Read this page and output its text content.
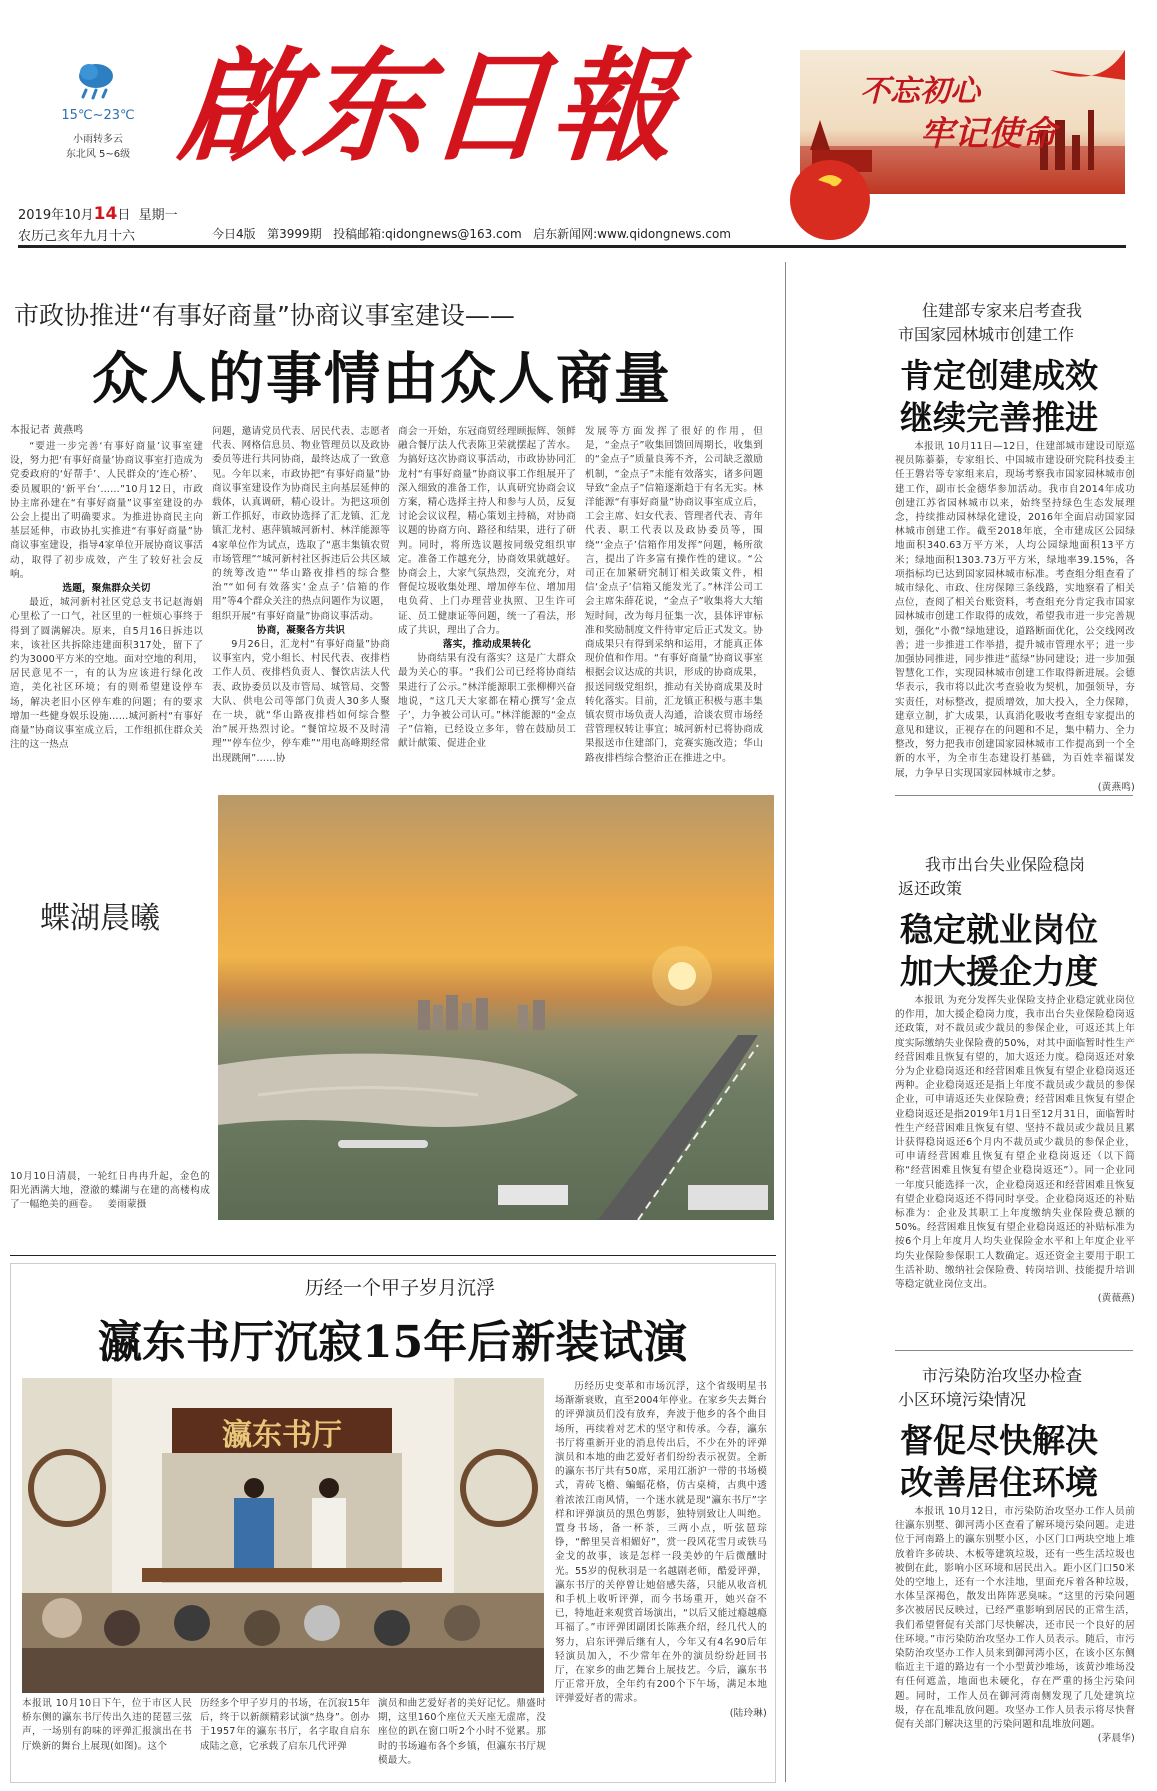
15℃~23℃
小雨转多云
东北风 5~6级 啟东日報	不忘初心
牢记使命
2019年10月14日 星期一
农历己亥年九月十六	今日4版 第3999期 投稿邮箱:qidongnews@163.com 启东新闻网:www.qidongnews.com
市政协推进“有事好商量”协商议事室建设——
众人的事情由众人商量
本报记者 黄燕鸣
“要进一步完善‘有事好商量’议事室建设，努力把‘有事好商量’协商议事室打造成为党委政府的‘好帮手’、人民群众的‘连心桥’、委员履职的‘新平台’……”10月12日，市政协主席孙建在“有事好商量”议事室建设的办公会上提出了明确要求。为推进协商民主向基层延伸，市政协扎实推进“有事好商量”协商议事室建设，指导4家单位开展协商议事活动，取得了初步成效，产生了较好社会反响。
选题，聚焦群众关切
最近，城河新村社区党总支书记赵海娟心里松了一口气，社区里的一桩烦心事终于得到了圆满解决。原来，自5月16日拆违以来，该社区共拆除违建面积317处，留下了约为3000平方米的空地。面对空地的利用，居民意见不一，有的认为应该进行绿化改造，美化社区环境；有的则希望建设停车场，解决老旧小区停车难的问题；有的要求增加一些健身娱乐设施……城河新村“有事好商量”协商议事室成立后，工作组抓住群众关注的这一热点
问题，邀请党员代表、居民代表、志愿者代表、网格信息员、物业管理员以及政协委员等进行共同协商，最终达成了一致意见。今年以来，市政协把“有事好商量”协商议事室建设作为协商民主向基层延伸的载体，认真调研，精心设计。为把这项创新工作抓好，市政协选择了汇龙镇、汇龙镇汇龙村、惠萍镇城河新村、林洋能源等4家单位作为试点，选取了“惠丰集镇农贸市场管理”“城河新村社区拆违后公共区域的统筹改造”“华山路夜排档的综合整治”“如何有效落实‘金点子’信箱的作用”等4个群众关注的热点问题作为议题，组织开展“有事好商量”协商议事活动。
协商，凝聚各方共识
9月26日，汇龙村“有事好商量”协商议事室内，党小组长、村民代表、夜排档工作人员、夜排档负责人、餐饮店法人代表、政协委员以及市管局、城管局、交警大队、供电公司等部门负责人30多人聚在一块，就“华山路夜排档如何综合整治”展开热烈讨论。“餐馆垃圾不及时清理”“停车位少，停车难”“用电高峰期经常出现跳闸”……协
商会一开始，东冠商贸经理顾振辉、领鲜融合餐厅法人代表陈卫荣就摆起了苦水。为搞好这次协商议事活动，市政协协同汇龙村“有事好商量”协商议事工作组展开了深入细致的准备工作，认真研究协商会议方案，精心选择主持人和参与人员，反复讨论会议议程，精心策划主持稿，对协商议题的协商方向、路径和结果，进行了研判。同时，将所选议题按同级党组织审定。准备工作越充分，协商效果就越好。协商会上，大家气氛热烈，交流充分，对督促垃圾收集处理、增加停车位、增加用电负荷、上门办理营业执照、卫生许可证、员工健康证等问题，统一了看法，形成了共识，理出了合力。
落实，推动成果转化
协商结果有没有落实？这是广大群众最为关心的事。“我们公司已经将协商结果进行了公示。”林洋能源职工张柳柳兴奋地说，“这几天大家都在精心撰写‘金点子’，力争被公司认可。”林洋能源的“金点子”信箱，已经设立多年，曾在鼓励员工献计献策、促进企业
发展等方面发挥了很好的作用，但是，“金点子”收集回馈回周期长，收集到的“金点子”质量良莠不齐，公司缺乏激励机制，“金点子”未能有效落实，诸多问题导致“金点子”信箱逐渐趋于有名无实。林洋能源“有事好商量”协商议事室成立后，工会主席、妇女代表、管理者代表、青年代表、职工代表以及政协委员等，围绕“‘金点子’信箱作用发挥”问题，畅所欲言，提出了许多富有操作性的建议。“公司正在加紧研究制订相关政策文件，相信‘金点子’信箱又能发光了。”林洋公司工会主席朱薛花说，“金点子”收集将大大缩短时间，改为每月征集一次，县体评审标准和奖励制度文件待审定后正式发文。协商成果只有得到采纳和运用，才能真正体现价值和作用。“有事好商量”协商议事室根据会议达成的共识，形成的协商成果，报送同级党组织，推动有关协商成果及时转化落实。目前，汇龙镇正积极与惠丰集镇农贸市场负责人沟通，洽谈农贸市场经营管理权转让事宜；城河新村已将协商成果报送市住建部门，竞赛实施改造；华山路夜排档综合整治正在推进之中。
蝶湖晨曦
10月10日清晨，一轮红日冉冉升起，金色的阳光洒满大地，澄澈的蝶湖与在建的高楼构成了一幅绝美的画卷。 姜雨蒙摄
历经一个甲子岁月沉浮
瀛东书厅沉寂15年后新装试演
瀛东书厅
历经历史变革和市场沉浮，这个省级明星书场渐渐衰败，直至2004年停业。在家乡失去舞台的评弹演员们没有放弃，奔波于他乡的各个曲目场所，再续着对艺术的坚守和传承。今春，瀛东书厅将重新开业的消息传出后，不少在外的评弹演员和本地的曲艺爱好者们纷纷表示祝贺。全新的瀛东书厅共有50席，采用江浙沪一带的书场模式，青砖飞檐、蝙蝠花格，仿古桌椅，古典中透着浓浓江南风情，一个迷水就是现“瀛东书厅”字样和评弹演员的黑色剪影，独特别致让人叫绝。置身书场，备一杯茶，三两小点，听弦琶琮铮，“醉里吴音相媚好”，赏一段风花雪月或铁马金戈的故事，该是怎样一段美妙的午后微醺时光。55岁的倪秋羽是一名越剧老师，酷爱评弹，瀛东书厅的关停曾让她倍感失落，只能从收音机和手机上收听评弹，而今书场重开，她兴奋不已，特地赶来观赏首场演出，“以后又能过瘾越瘾耳福了。”市评弹团副团长陈燕介绍，经几代人的努力，启东评弹后继有人，今年又有4名90后年轻演员加入，不少常年在外的演员纷纷赶回书厅，在家乡的曲艺舞台上展技艺。今后，瀛东书厅正常开放，全年约有200个下午场，满足本地评弹爱好者的需求。
(陆玲琳)
本报讯 10月10日下午，位于市区人民桥东侧的瀛东书厅传出久违的琵琶三弦声，一场别有韵味的评弹汇报演出在书厅焕新的舞台上展现(如图)。这个
历经多个甲子岁月的书场，在沉寂15年后，终于以新颜精彩试演“热身”。创办于1957年的瀛东书厅，名字取自启东成陆之意，它承载了启东几代评弹
演员和曲艺爱好者的美好记忆。鼎盛时期，这里160个座位天天座无虚席，没座位的趴在窗口听2个小时不觉累。那时的书场遍布各个乡镇，但瀛东书厅规模最大。
住建部专家来启考查我
市国家园林城市创建工作
肯定创建成效
继续完善推进
本报讯 10月11日—12日，住建部城市建设司原巡视员陈蓁蓁，专家组长、中国城市建设研究院科技委主任王磐岩等专家组来启，现场考察我市国家园林城市创建工作，副市长金德华参加活动。我市自2014年成功创建江苏省园林城市以来，始终坚持绿色生态发展理念，持续推动园林绿化建设，2016年全面启动国家园林城市创建工作。截至2018年底，全市建成区公园绿地面积340.63万平方米，人均公园绿地面积13平方米；绿地面积1303.73万平方米，绿地率39.15%，各项指标均已达到国家园林城市标准。考查组分组查看了城市绿化、市政、住房保障三条线路，实地察看了相关点位，查阅了相关台账资料，考查组充分肯定我市国家园林城市创建工作取得的成效，希望我市进一步完善规划，强化“小微”绿地建设，道路断面优化，公交线网改善；进一步推进工作举措，提升城市管理水平；进一步加强协同推进，同步推进“蓝绿”协同建设；进一步加强智慧化工作，实现园林城市创建工作取得新进展。会德华表示，我市将以此次考查验收为契机，加强领导，夯实责任，对标整改，提质增效，加大投入，全力保障，建章立制，扩大成果，认真消化吸收考查组专家提出的意见和建议，正视存在的问题和不足，集中精力、全力整改，努力把我市创建国家园林城市工作提高到一个全新的水平，为全市生态建设打基础，为百姓幸福谋发展，力争早日实现国家园林城市之梦。
(黄燕鸣)
我市出台失业保险稳岗
返还政策
稳定就业岗位
加大援企力度
本报讯 为充分发挥失业保险支持企业稳定就业岗位的作用，加大援企稳岗力度，我市出台失业保险稳岗返还政策，对不裁员或少裁员的参保企业，可返还其上年度实际缴纳失业保险费的50%，对其中面临暂时性生产经营困难且恢复有望的，加大返还力度。稳岗返还对象分为企业稳岗返还和经营困难且恢复有望企业稳岗返还两种。企业稳岗返还是指上年度不裁员或少裁员的参保企业，可申请返还失业保险费；经营困难且恢复有望企业稳岗返还是指2019年1月1日至12月31日，面临暂时性生产经营困难且恢复有望、坚持不裁员或少裁员且累计获得稳岗返还6个月内不裁员或少裁员的参保企业，可申请经营困难且恢复有望企业稳岗返还（以下简称“经营困难且恢复有望企业稳岗返还”）。同一企业同一年度只能选择一次，企业稳岗返还和经营困难且恢复有望企业稳岗返还不得同时享受。企业稳岗返还的补贴标准为：企业及其职工上年度缴纳失业保险费总额的50%。经营困难且恢复有望企业稳岗返还的补贴标准为按6个月上年度月人均失业保险金水平和上年度企业平均失业保险参保职工人数确定。返还资金主要用于职工生活补助、缴纳社会保险费、转岗培训、技能提升培训等稳定就业岗位支出。
(黄薇燕)
市污染防治攻坚办检查
小区环境污染情况
督促尽快解决
改善居住环境
本报讯 10月12日，市污染防治攻坚办工作人员前往瀛东别墅、御河湾小区查看了解环境污染问题。走进位于河南路上的瀛东别墅小区，小区门口两块空地上堆放着许多砖块、木板等建筑垃圾，还有一些生活垃圾也被倒在此，影响小区环境和居民出入。距小区门口50米处的空地上，还有一个水洼地，里面充斥着各种垃圾，水体呈深褐色，散发出阵阵恶臭味。“这里的污染问题多次被居民反映过，已经严重影响到居民的正常生活，我们希望督促有关部门尽快解决，还市民一个良好的居住环境。”市污染防治攻坚办工作人员表示。随后，市污染防治攻坚办工作人员来到御河湾小区，在该小区东侧临近主干道的路边有一个小型黄沙堆场，该黄沙堆场没有任何遮盖，地面也未硬化，存在严重的扬尘污染问题。同时，工作人员在御河湾南侧发现了几处建筑垃圾，存在乱堆乱放问题。攻坚办工作人员表示将尽快督促有关部门解决这里的污染问题和乱堆放问题。
(茅晨华)
